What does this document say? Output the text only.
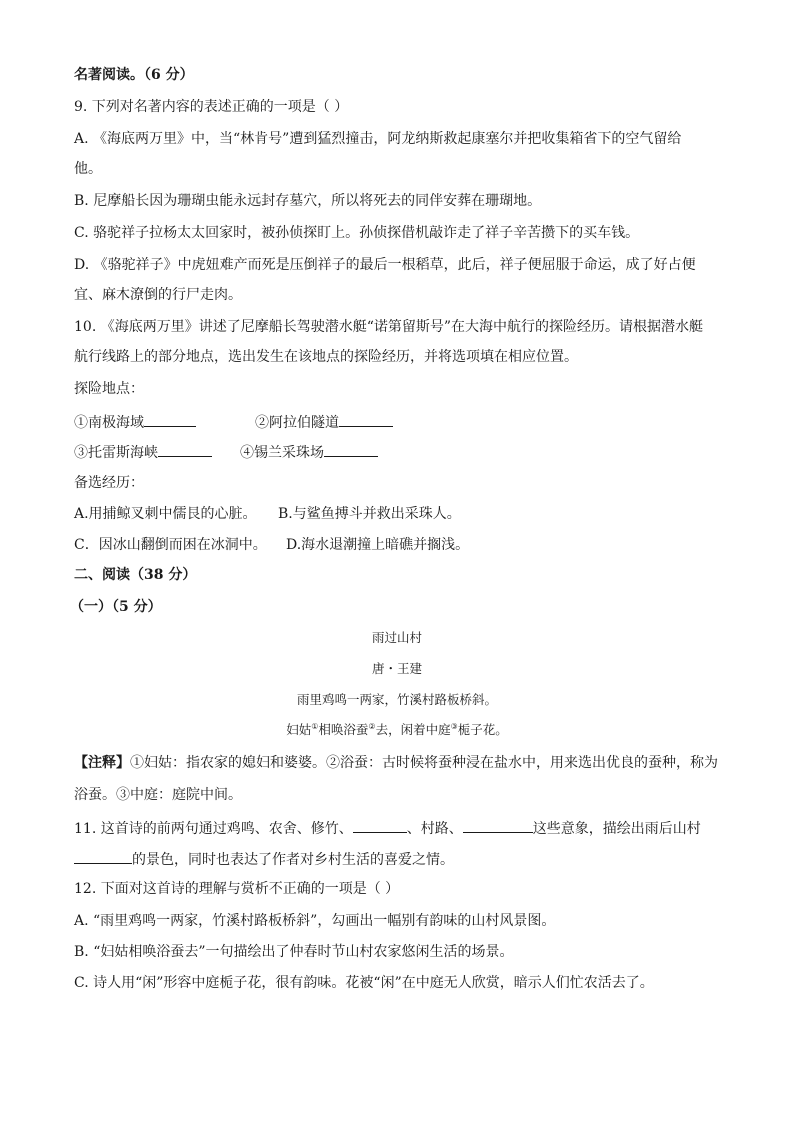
名著阅读。（6 分）
9. 下列对名著内容的表述正确的一项是（ ）
A. 《海底两万里》中，当“林肯号”遭到猛烈撞击，阿龙纳斯救起康塞尔并把收集箱省下的空气留给
他。
B. 尼摩船长因为珊瑚虫能永远封存墓穴，所以将死去的同伴安葬在珊瑚地。
C. 骆驼祥子拉杨太太回家时，被孙侦探盯上。孙侦探借机敲诈走了祥子辛苦攒下的买车钱。
D. 《骆驼祥子》中虎妞难产而死是压倒祥子的最后一根稻草，此后，祥子便屈服于命运，成了好占便
宜、麻木潦倒的行尸走肉。
10. 《海底两万里》讲述了尼摩船长驾驶潜水艇“诺第留斯号”在大海中航行的探险经历。请根据潜水艇
航行线路上的部分地点，选出发生在该地点的探险经历，并将选项填在相应位置。
探险地点：
①南极海域	②阿拉伯隧道
③托雷斯海峡	④锡兰采珠场
备选经历：
A.用捕鲸叉刺中儒艮的心脏。 B.与鲨鱼搏斗并救出采珠人。
C．因冰山翻倒而困在冰洞中。 D.海水退潮撞上暗礁并搁浅。
二、阅读（38 分）
（一）（5 分）
雨过山村
唐・王建
雨里鸡鸣一两家，竹溪村路板桥斜。
妇姑①相唤浴蚕②去，闲着中庭③栀子花。
【注释】①妇姑：指农家的媳妇和婆婆。②浴蚕：古时候将蚕种浸在盐水中，用来选出优良的蚕种，称为
浴蚕。③中庭：庭院中间。
11. 这首诗的前两句通过鸡鸣、农舍、修竹、	、村路、	这些意象，描绘出雨后山村
的景色，同时也表达了作者对乡村生活的喜爱之情。
12. 下面对这首诗的理解与赏析不正确的一项是（ ）
A. “雨里鸡鸣一两家，竹溪村路板桥斜”，勾画出一幅别有韵味的山村风景图。
B. “妇姑相唤浴蚕去”一句描绘出了仲春时节山村农家悠闲生活的场景。
C. 诗人用“闲”形容中庭栀子花，很有韵味。花被“闲”在中庭无人欣赏，暗示人们忙农活去了。
